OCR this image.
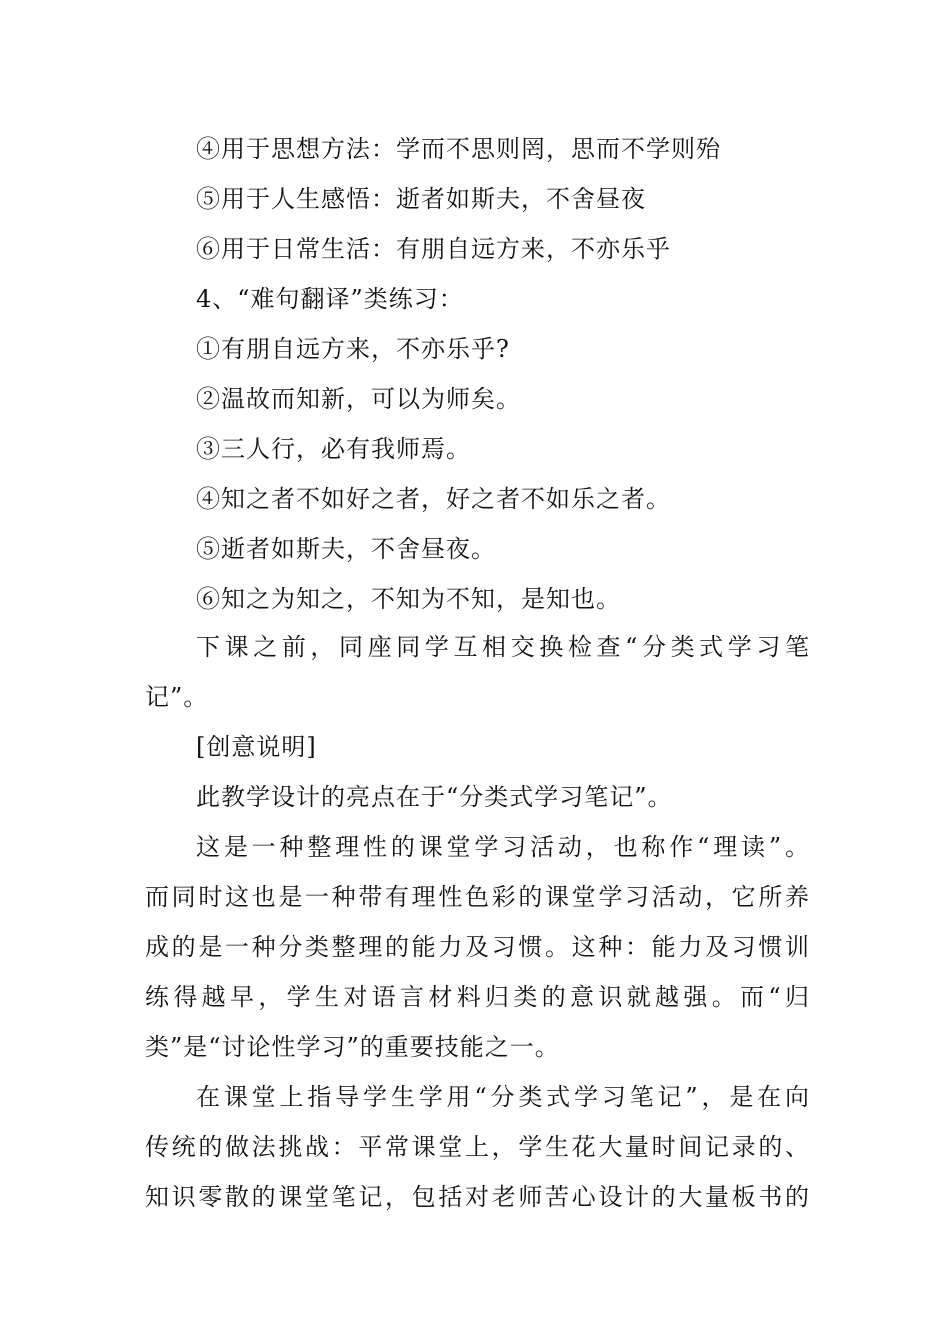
④用于思想方法：学而不思则罔，思而不学则殆
⑤用于人生感悟：逝者如斯夫，不舍昼夜
⑥用于日常生活：有朋自远方来，不亦乐乎
4、“难句翻译”类练习：
①有朋自远方来，不亦乐乎?
②温故而知新，可以为师矣。
③三人行，必有我师焉。
④知之者不如好之者，好之者不如乐之者。
⑤逝者如斯夫，不舍昼夜。
⑥知之为知之，不知为不知，是知也。
下课之前，同座同学互相交换检查“分类式学习笔
记”。
[创意说明]
此教学设计的亮点在于“分类式学习笔记”。
这是一种整理性的课堂学习活动，也称作“理读”。
而同时这也是一种带有理性色彩的课堂学习活动，它所养
成的是一种分类整理的能力及习惯。这种：能力及习惯训
练得越早，学生对语言材料归类的意识就越强。而“归
类”是“讨论性学习”的重要技能之一。
在课堂上指导学生学用“分类式学习笔记”，是在向
传统的做法挑战：平常课堂上，学生花大量时间记录的、
知识零散的课堂笔记，包括对老师苦心设计的大量板书的
